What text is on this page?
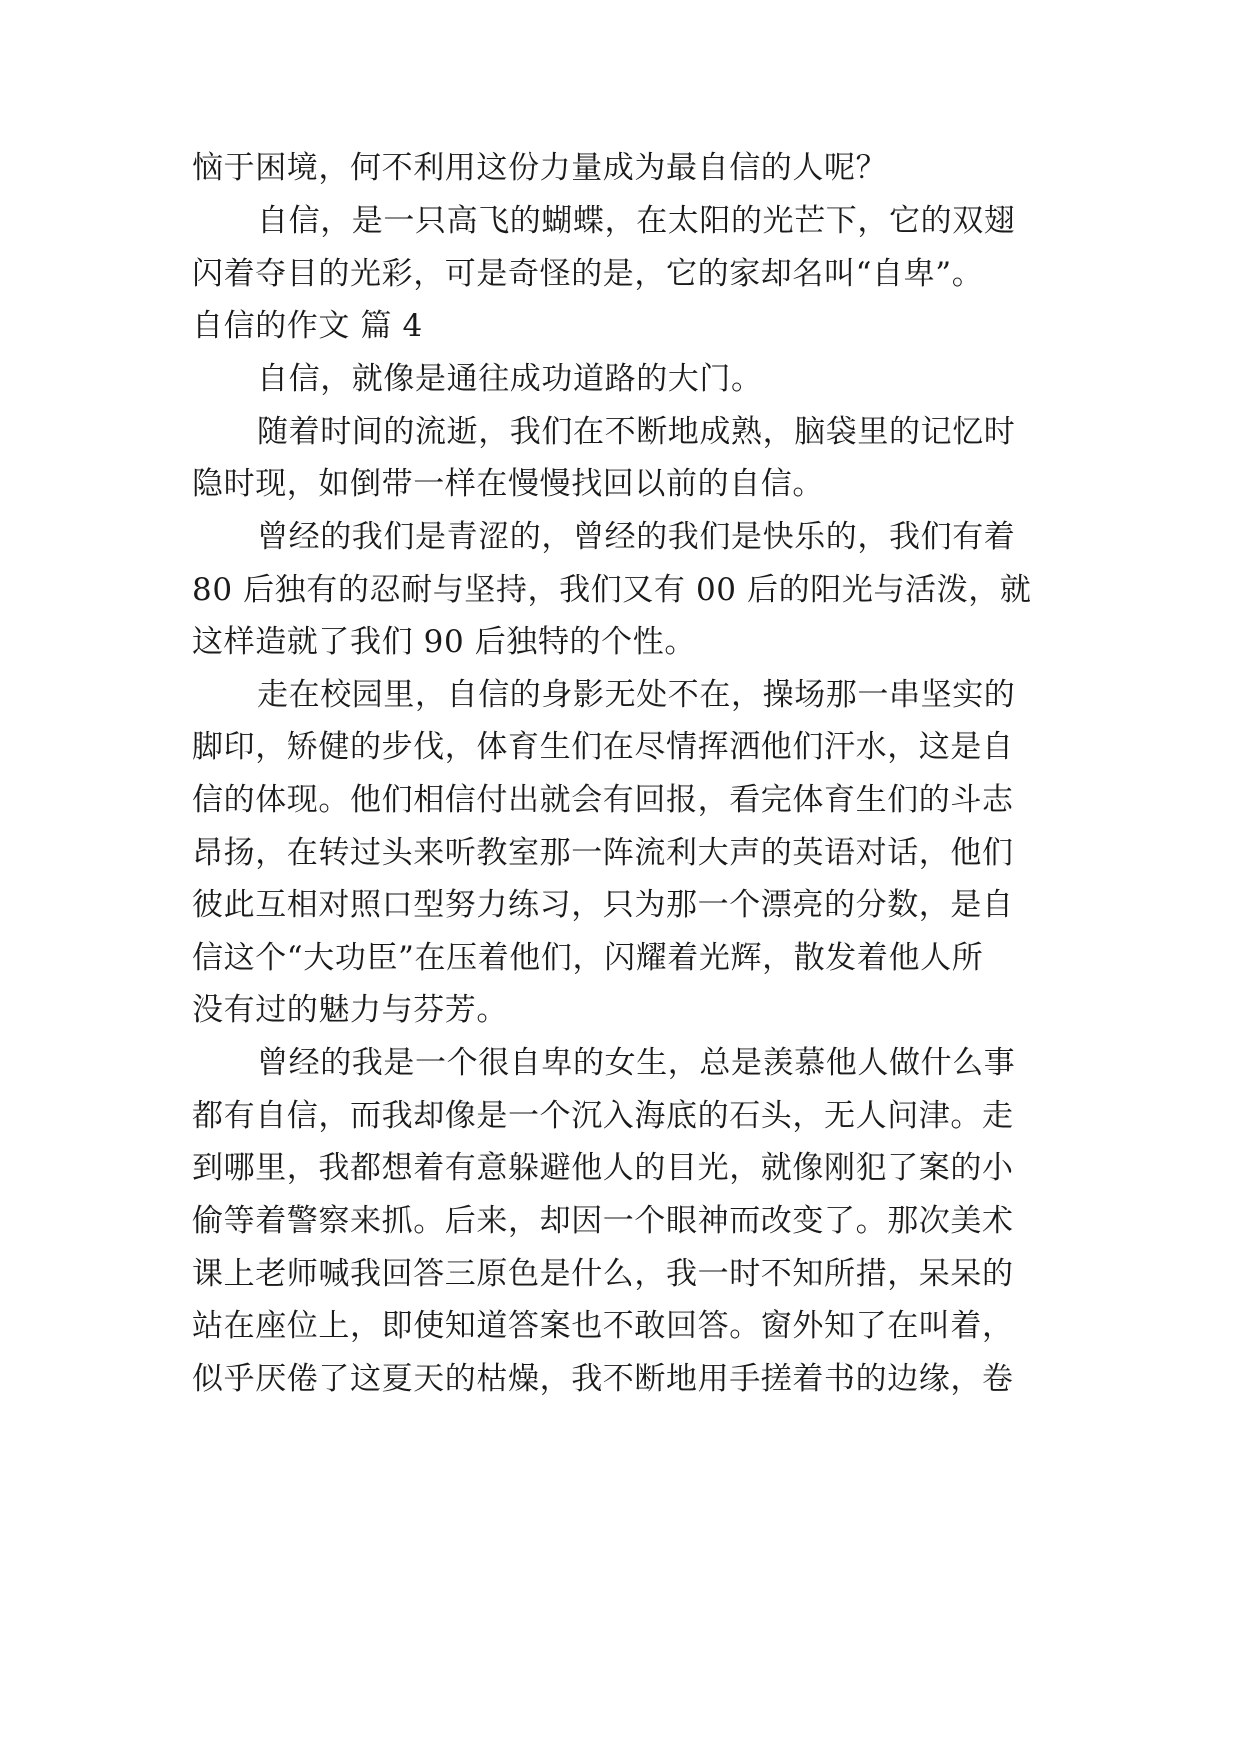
恼于困境，何不利用这份力量成为最自信的人呢？
自信，是一只高飞的蝴蝶，在太阳的光芒下，它的双翅
闪着夺目的光彩，可是奇怪的是，它的家却名叫“自卑”。
自信的作文 篇 4
自信，就像是通往成功道路的大门。
随着时间的流逝，我们在不断地成熟，脑袋里的记忆时
隐时现，如倒带一样在慢慢找回以前的自信。
曾经的我们是青涩的，曾经的我们是快乐的，我们有着
80 后独有的忍耐与坚持，我们又有 00 后的阳光与活泼，就
这样造就了我们 90 后独特的个性。
走在校园里，自信的身影无处不在，操场那一串坚实的
脚印，矫健的步伐，体育生们在尽情挥洒他们汗水，这是自
信的体现。他们相信付出就会有回报，看完体育生们的斗志
昂扬，在转过头来听教室那一阵流利大声的英语对话，他们
彼此互相对照口型努力练习，只为那一个漂亮的分数，是自
信这个“大功臣”在压着他们，闪耀着光辉，散发着他人所
没有过的魅力与芬芳。
曾经的我是一个很自卑的女生，总是羡慕他人做什么事
都有自信，而我却像是一个沉入海底的石头，无人问津。走
到哪里，我都想着有意躲避他人的目光，就像刚犯了案的小
偷等着警察来抓。后来，却因一个眼神而改变了。那次美术
课上老师喊我回答三原色是什么，我一时不知所措，呆呆的
站在座位上，即使知道答案也不敢回答。窗外知了在叫着，
似乎厌倦了这夏天的枯燥，我不断地用手搓着书的边缘，卷
